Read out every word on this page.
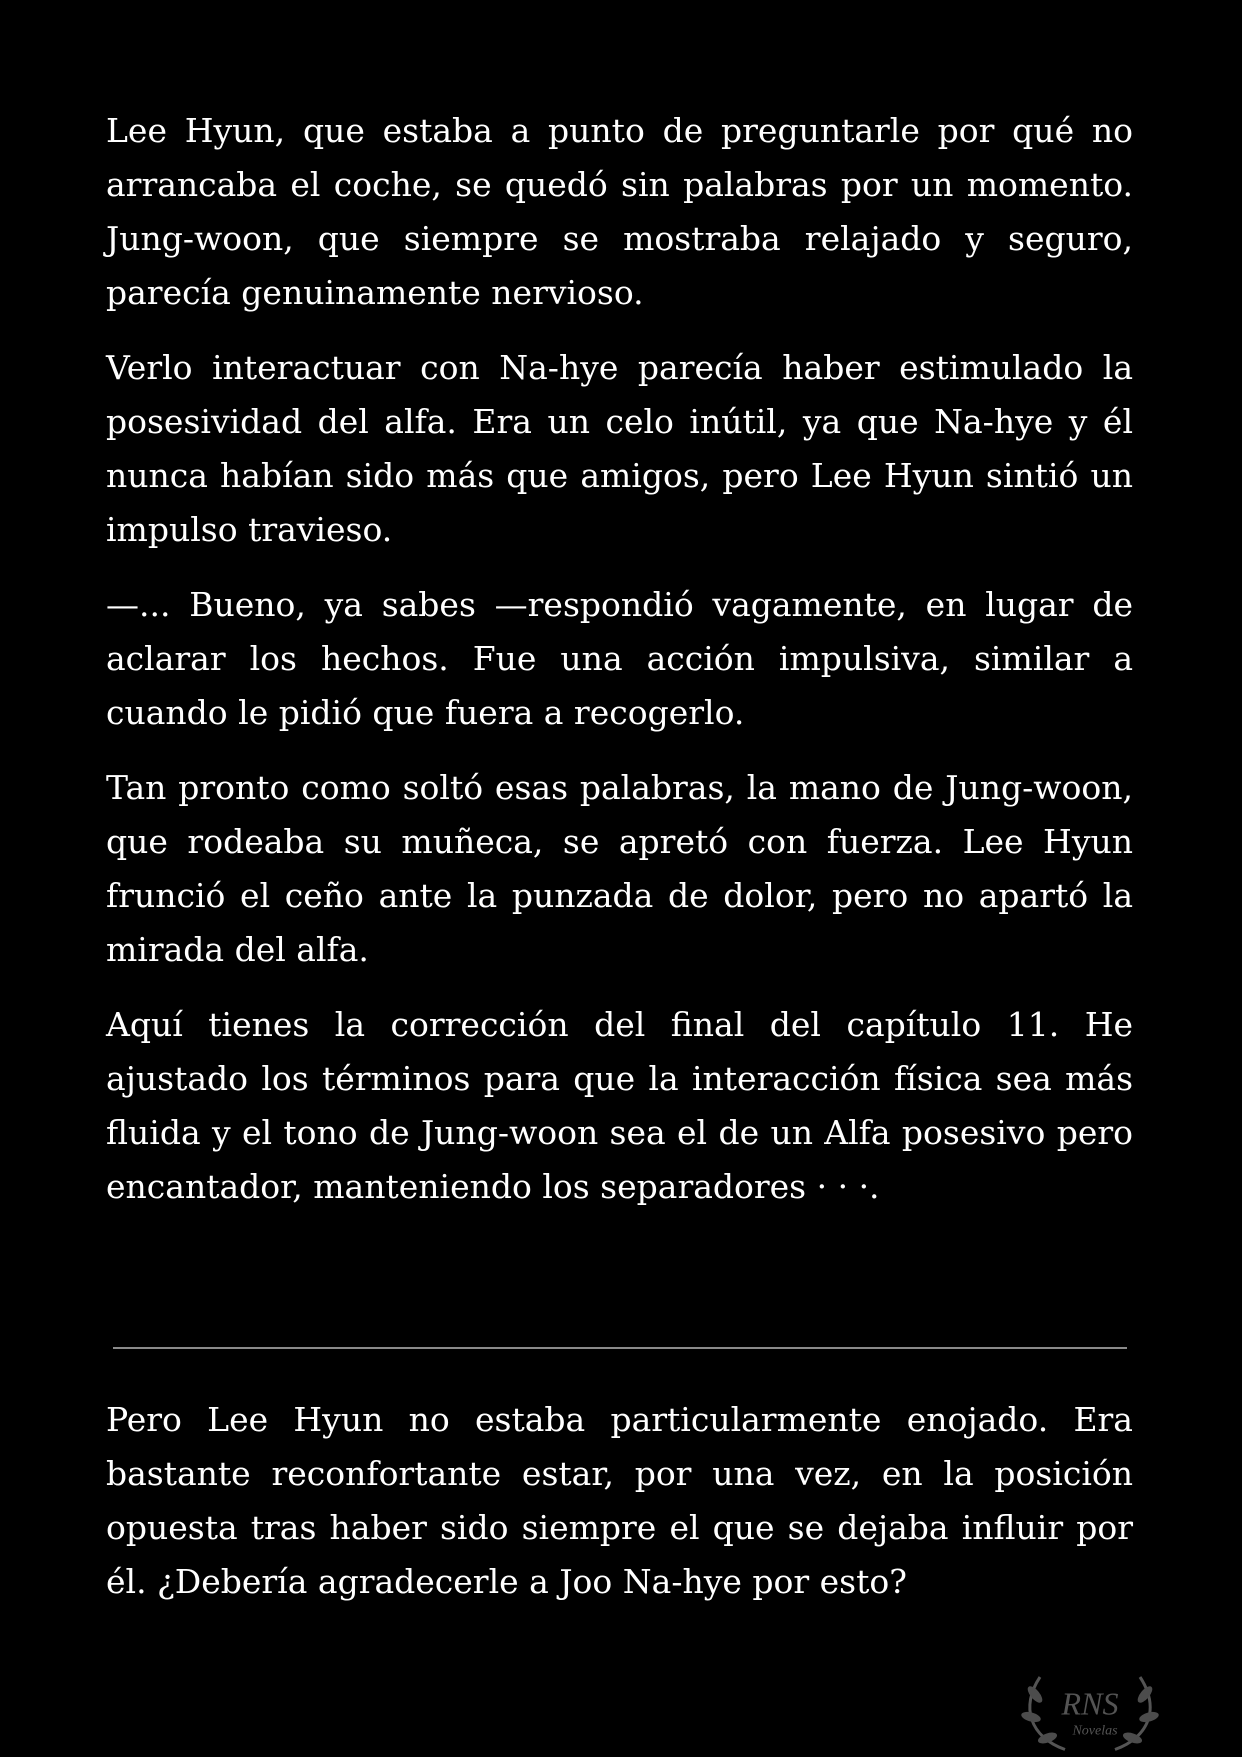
Lee Hyun, que estaba a punto de preguntarle por qué no arrancaba el coche, se quedó sin palabras por un momento. Jung-woon, que siempre se mostraba relajado y seguro, parecía genuinamente nervioso.

Verlo interactuar con Na-hye parecía haber estimulado la posesividad del alfa. Era un celo inútil, ya que Na-hye y él nunca habían sido más que amigos, pero Lee Hyun sintió un impulso travieso.

—... Bueno, ya sabes —respondió vagamente, en lugar de aclarar los hechos. Fue una acción impulsiva, similar a cuando le pidió que fuera a recogerlo.

Tan pronto como soltó esas palabras, la mano de Jung-woon, que rodeaba su muñeca, se apretó con fuerza. Lee Hyun frunció el ceño ante la punzada de dolor, pero no apartó la mirada del alfa.

Aquí tienes la corrección del final del capítulo 11. He ajustado los términos para que la interacción física sea más fluida y el tono de Jung-woon sea el de un Alfa posesivo pero encantador, manteniendo los separadores · · ·.

Pero Lee Hyun no estaba particularmente enojado. Era bastante reconfortante estar, por una vez, en la posición opuesta tras haber sido siempre el que se dejaba influir por él. ¿Debería agradecerle a Joo Na-hye por esto?

RNS
Novelas
